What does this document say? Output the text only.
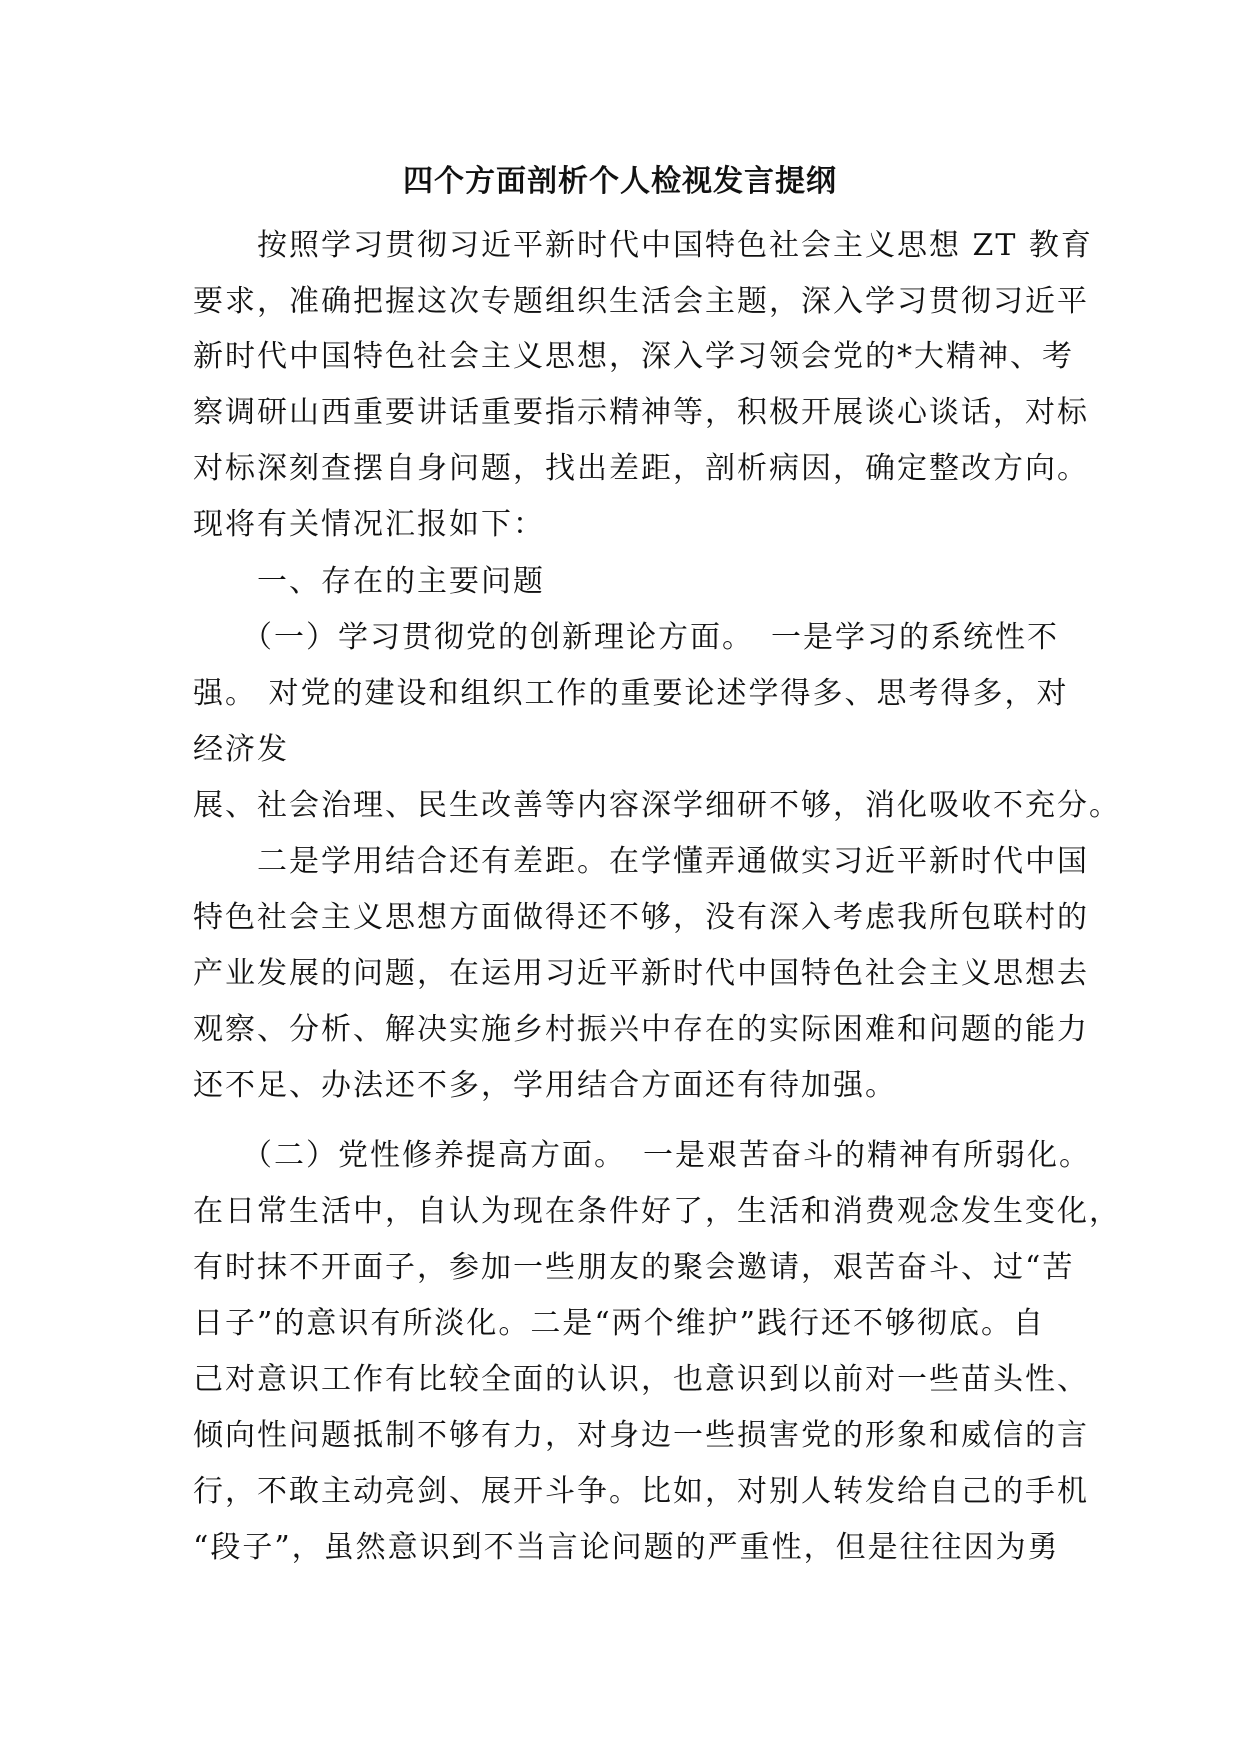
四个方面剖析个人检视发言提纲

　　按照学习贯彻习近平新时代中国特色社会主义思想 ZT 教育

要求，准确把握这次专题组织生活会主题，深入学习贯彻习近平

新时代中国特色社会主义思想，深入学习领会党的*大精神、考

察调研山西重要讲话重要指示精神等，积极开展谈心谈话，对标

对标深刻查摆自身问题，找出差距，剖析病因，确定整改方向。

现将有关情况汇报如下：

　　一、存在的主要问题

　　（一）学习贯彻党的创新理论方面。　一是学习的系统性不

强。 对党的建设和组织工作的重要论述学得多、思考得多，对

经济发

展、社会治理、民生改善等内容深学细研不够，消化吸收不充分。

　　二是学用结合还有差距。在学懂弄通做实习近平新时代中国

特色社会主义思想方面做得还不够，没有深入考虑我所包联村的

产业发展的问题，在运用习近平新时代中国特色社会主义思想去

观察、分析、解决实施乡村振兴中存在的实际困难和问题的能力

还不足、办法还不多，学用结合方面还有待加强。

　　（二）党性修养提高方面。　一是艰苦奋斗的精神有所弱化。

在日常生活中，自认为现在条件好了，生活和消费观念发生变化，

有时抹不开面子，参加一些朋友的聚会邀请，艰苦奋斗、过“苦

日子”的意识有所淡化。二是“两个维护”践行还不够彻底。自

己对意识工作有比较全面的认识，也意识到以前对一些苗头性、

倾向性问题抵制不够有力，对身边一些损害党的形象和威信的言

行，不敢主动亮剑、展开斗争。比如，对别人转发给自己的手机

“段子”，虽然意识到不当言论问题的严重性，但是往往因为勇
